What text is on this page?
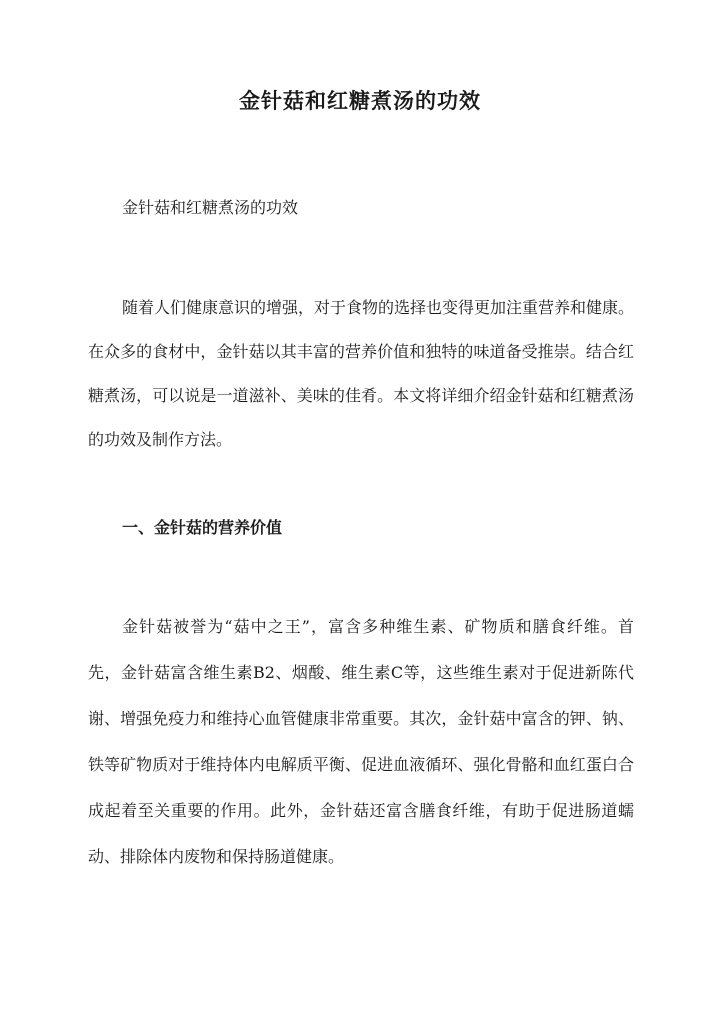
金针菇和红糖煮汤的功效

金针菇和红糖煮汤的功效

随着人们健康意识的增强，对于食物的选择也变得更加注重营养和健康。在众多的食材中，金针菇以其丰富的营养价值和独特的味道备受推崇。结合红糖煮汤，可以说是一道滋补、美味的佳肴。本文将详细介绍金针菇和红糖煮汤的功效及制作方法。

一、金针菇的营养价值

金针菇被誉为“菇中之王”，富含多种维生素、矿物质和膳食纤维。首先，金针菇富含维生素B2、烟酸、维生素C等，这些维生素对于促进新陈代谢、增强免疫力和维持心血管健康非常重要。其次，金针菇中富含的钾、钠、铁等矿物质对于维持体内电解质平衡、促进血液循环、强化骨骼和血红蛋白合成起着至关重要的作用。此外，金针菇还富含膳食纤维，有助于促进肠道蠕动、排除体内废物和保持肠道健康。
